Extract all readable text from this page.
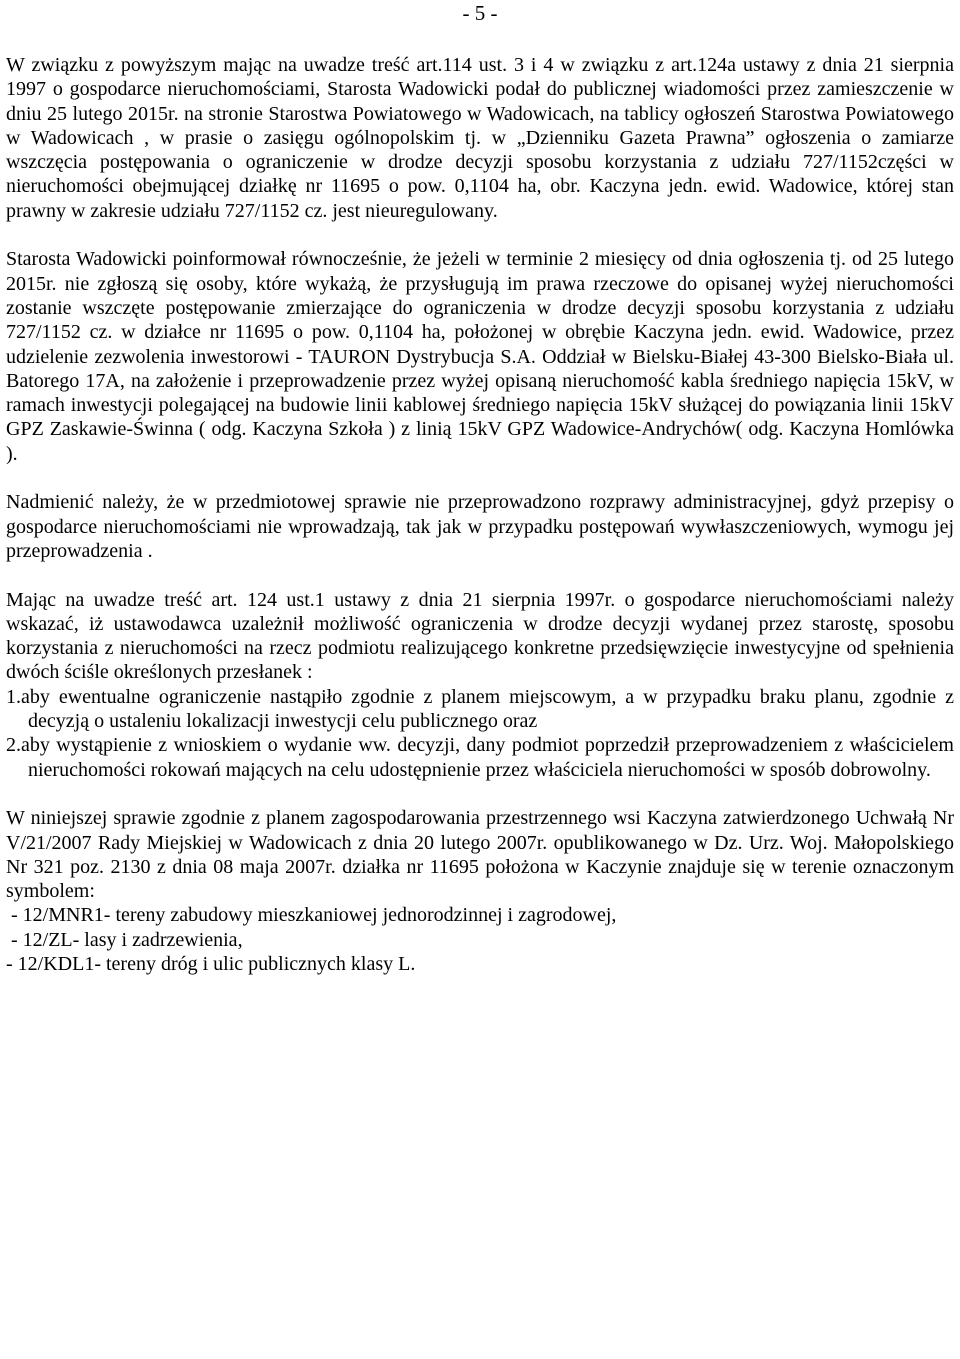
- 5 -

W związku z powyższym mając na uwadze treść art.114 ust. 3 i 4 w związku z art.124a ustawy z dnia 21 sierpnia 1997 o gospodarce nieruchomościami, Starosta Wadowicki podał do publicznej wiadomości przez zamieszczenie w dniu 25 lutego 2015r. na stronie Starostwa Powiatowego w Wadowicach, na tablicy ogłoszeń Starostwa Powiatowego w Wadowicach , w prasie o zasięgu ogólnopolskim tj. w „Dzienniku Gazeta Prawna” ogłoszenia o zamiarze wszczęcia postępowania o ograniczenie w drodze decyzji sposobu korzystania z udziału 727/1152części w nieruchomości obejmującej działkę nr 11695 o pow. 0,1104 ha, obr. Kaczyna jedn. ewid. Wadowice, której stan prawny w zakresie udziału 727/1152 cz. jest nieuregulowany.

Starosta Wadowicki poinformował równocześnie, że jeżeli w terminie 2 miesięcy od dnia ogłoszenia tj. od 25 lutego 2015r. nie zgłoszą się osoby, które wykażą, że przysługują im prawa rzeczowe do opisanej wyżej nieruchomości zostanie wszczęte postępowanie zmierzające do ograniczenia w drodze decyzji sposobu korzystania z udziału 727/1152 cz. w działce nr 11695 o pow. 0,1104 ha, położonej w obrębie Kaczyna jedn. ewid. Wadowice, przez udzielenie zezwolenia inwestorowi - TAURON Dystrybucja S.A. Oddział w Bielsku-Białej 43-300 Bielsko-Biała ul. Batorego 17A, na założenie i przeprowadzenie przez wyżej opisaną nieruchomość kabla średniego napięcia 15kV, w ramach inwestycji polegającej na budowie linii kablowej średniego napięcia 15kV służącej do powiązania linii 15kV GPZ Zaskawie-Świnna ( odg. Kaczyna Szkoła ) z linią 15kV GPZ Wadowice-Andrychów( odg. Kaczyna Homlówka ).

Nadmienić należy, że w przedmiotowej sprawie nie przeprowadzono rozprawy administracyjnej, gdyż przepisy o gospodarce nieruchomościami nie wprowadzają, tak jak w przypadku postępowań wywłaszczeniowych, wymogu jej przeprowadzenia .

Mając na uwadze treść art. 124 ust.1 ustawy z dnia 21 sierpnia 1997r. o gospodarce nieruchomościami należy wskazać, iż ustawodawca uzależnił możliwość ograniczenia w drodze decyzji wydanej przez starostę, sposobu korzystania z nieruchomości na rzecz podmiotu realizującego konkretne przedsięwzięcie inwestycyjne od spełnienia dwóch ściśle określonych przesłanek :

1.aby ewentualne ograniczenie nastąpiło zgodnie z planem miejscowym, a w przypadku braku planu, zgodnie z decyzją o ustaleniu lokalizacji inwestycji celu publicznego oraz
2.aby wystąpienie z wnioskiem o wydanie ww. decyzji, dany podmiot poprzedził przeprowadzeniem z właścicielem nieruchomości rokowań mających na celu udostępnienie przez właściciela nieruchomości w sposób dobrowolny.

W niniejszej sprawie zgodnie z planem zagospodarowania przestrzennego wsi Kaczyna zatwierdzonego Uchwałą Nr V/21/2007 Rady Miejskiej w Wadowicach z dnia 20 lutego 2007r. opublikowanego w Dz. Urz. Woj. Małopolskiego Nr 321 poz. 2130 z dnia 08 maja 2007r. działka nr 11695 położona w Kaczynie znajduje się w terenie oznaczonym symbolem:

- 12/MNR1- tereny zabudowy mieszkaniowej jednorodzinnej i zagrodowej,
- 12/ZL- lasy i zadrzewienia,
- 12/KDL1- tereny dróg i ulic publicznych klasy L.
